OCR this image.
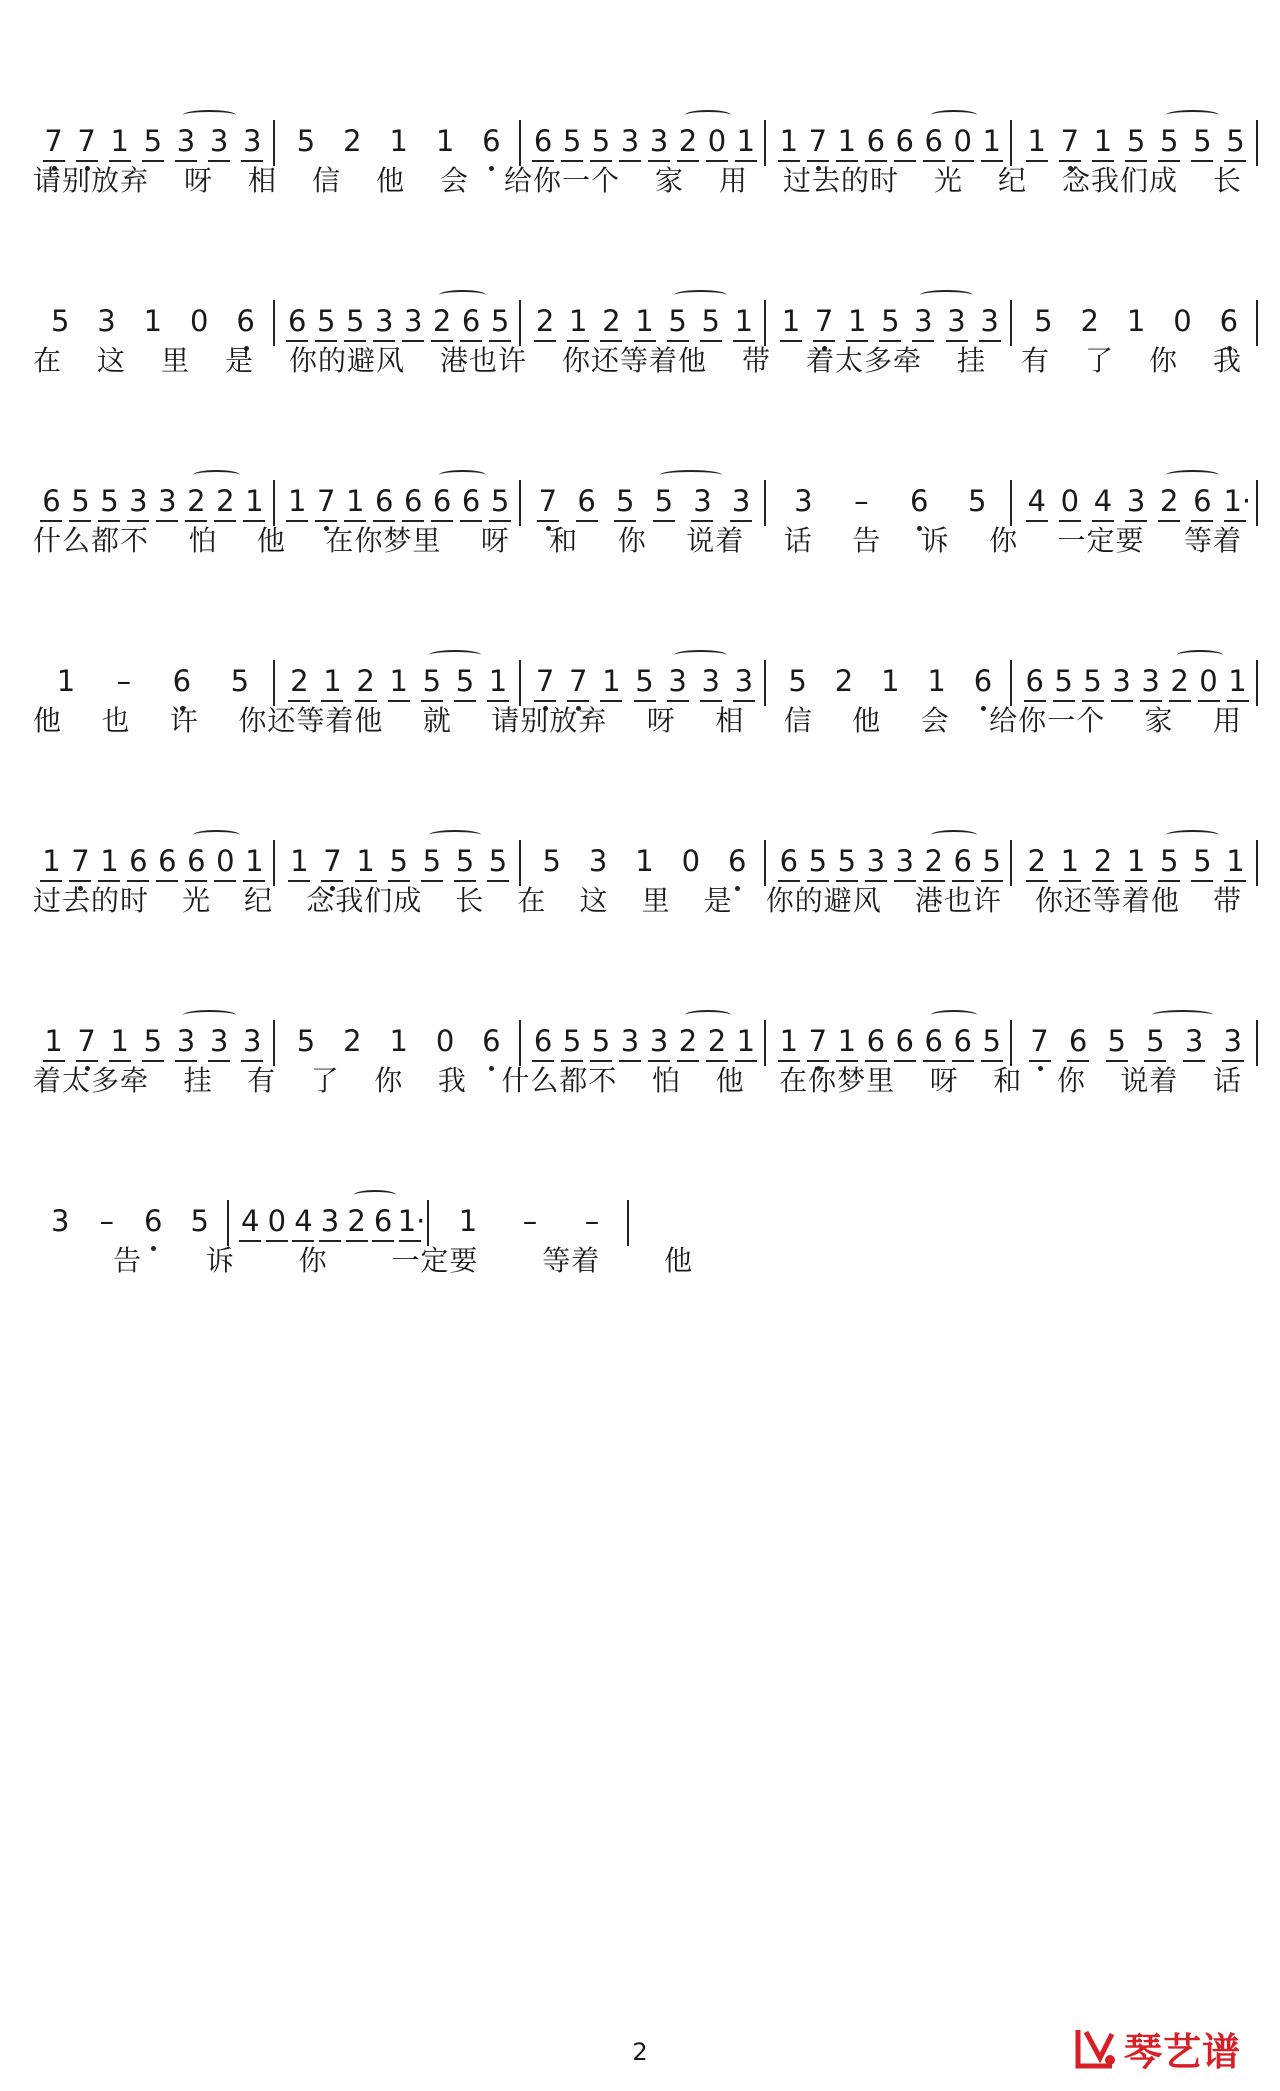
7 7 1 5 3 3 3 5 2 1 1 6 6 5 5 3 3 2 0 1 1 7 1 6 6 6 0 1 1 7 1 5 5 5 5
请别放弃 呀 相 信 他 会 给你一个 家 用 过去的时 光 纪 念我们成 长
5 3 1 0 6 6 5 5 3 3 2 6 5 2 1 2 1 5 5 1 1 7 1 5 3 3 3 5 2 1 0 6
在 这 里 是 你的避风 港也许 你还等着他 带 着太多牵 挂 有 了 你 我
6 5 5 3 3 2 2 1 1 7 1 6 6 6 6 5 7 6 5 5 3 3 3 – 6 5 4 0 4 3 2 6 1·
什么都不 怕 他 在你梦里 呀 和 你 说着 话 告 诉 你 一定要 等着
1 – 6 5 2 1 2 1 5 5 1 7 7 1 5 3 3 3 5 2 1 1 6 6 5 5 3 3 2 0 1
他 也 许 你还等着他 就 请别放弃 呀 相 信 他 会 给你一个 家 用
1 7 1 6 6 6 0 1 1 7 1 5 5 5 5 5 3 1 0 6 6 5 5 3 3 2 6 5 2 1 2 1 5 5 1
过去的时 光 纪 念我们成 长 在 这 里 是 你的避风 港也许 你还等着他 带
1 7 1 5 3 3 3 5 2 1 0 6 6 5 5 3 3 2 2 1 1 7 1 6 6 6 6 5 7 6 5 5 3 3
着太多牵 挂 有 了 你 我 什么都不 怕 他 在你梦里 呀 和 你 说着 话
3 – 6 5 4 0 4 3 2 6 1· 1 – –
告 诉 你 一定要 等着 他
2	琴艺谱
